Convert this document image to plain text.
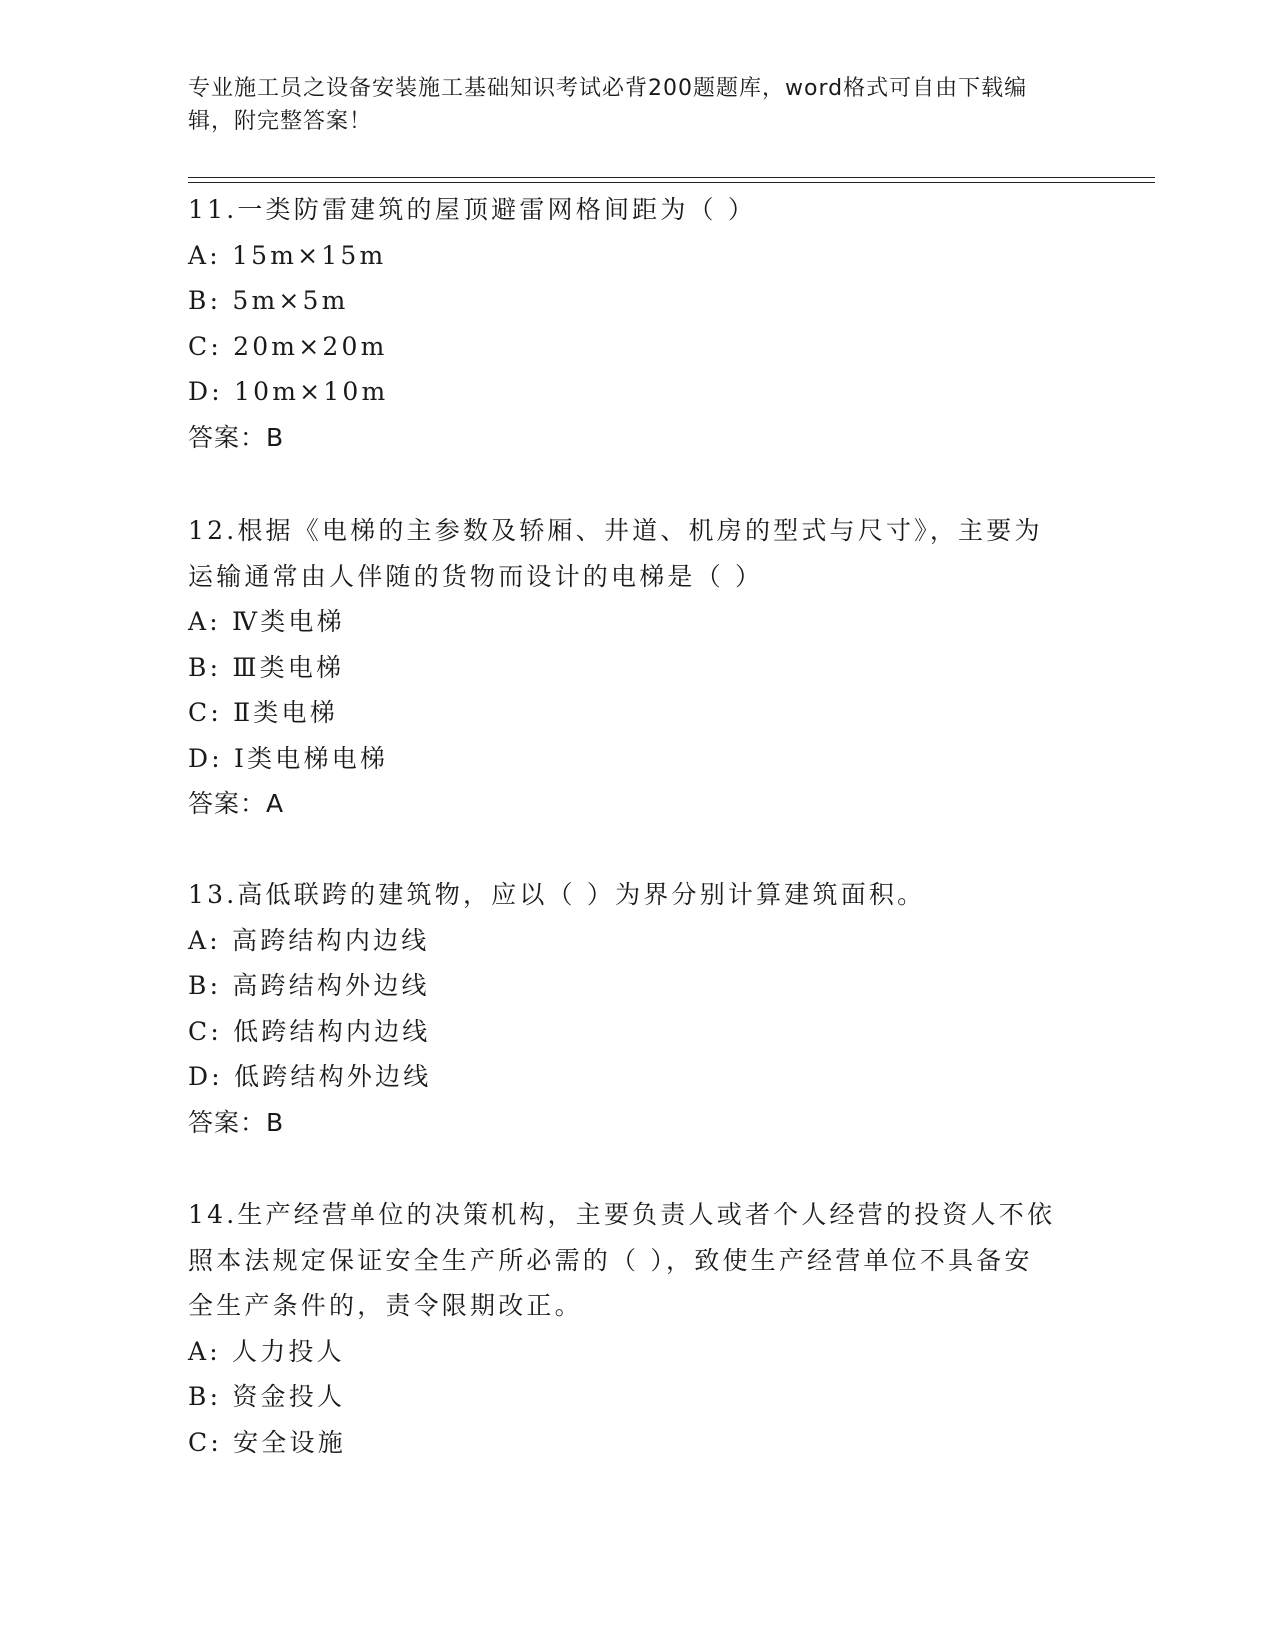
专业施工员之设备安装施工基础知识考试必背200题题库，word格式可自由下载编辑，附完整答案！
11.一类防雷建筑的屋顶避雷网格间距为（ ）
A: 15m×15m
B: 5m×5m
C: 20m×20m
D: 10m×10m
答案：B
12.根据《电梯的主参数及轿厢、井道、机房的型式与尺寸》，主要为
运输通常由人伴随的货物而设计的电梯是（ ）
A: Ⅳ类电梯
B: Ⅲ类电梯
C: Ⅱ类电梯
D: Ⅰ类电梯电梯
答案：A
13.高低联跨的建筑物，应以（ ）为界分别计算建筑面积。
A: 高跨结构内边线
B: 高跨结构外边线
C: 低跨结构内边线
D: 低跨结构外边线
答案：B
14.生产经营单位的决策机构，主要负责人或者个人经营的投资人不依
照本法规定保证安全生产所必需的（ ），致使生产经营单位不具备安
全生产条件的，责令限期改正。
A: 人力投人
B: 资金投人
C: 安全设施
